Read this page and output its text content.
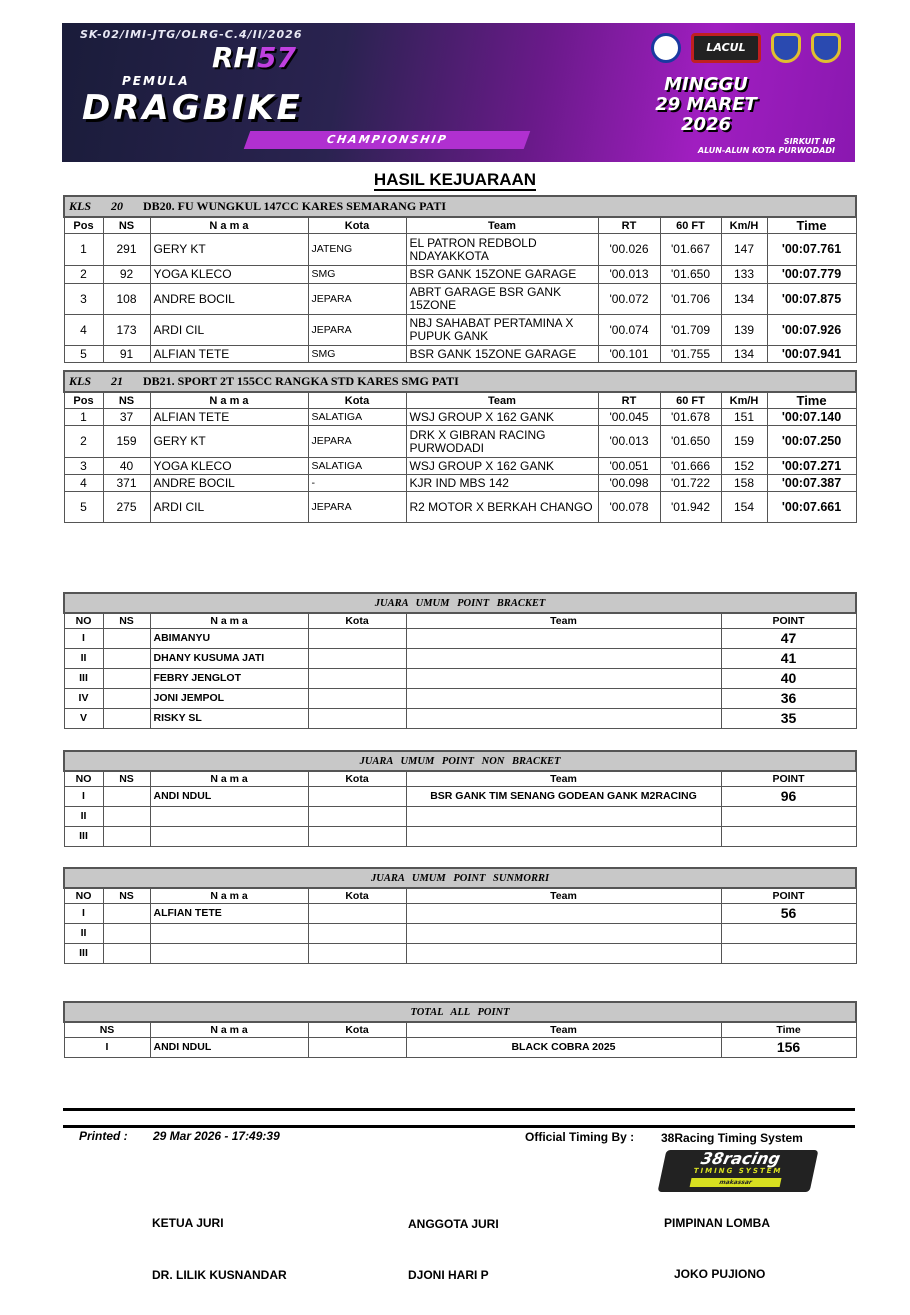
SK-02/IMI-JTG/OLRG-C.4/II/2026
RH57
PEMULA
DRAGBIKE
CHAMPIONSHIP
LACUL
MINGGU
29 MARET
2026
SIRKUIT NP
ALUN-ALUN KOTA PURWODADI
HASIL KEJUARAAN
KLS 20 DB20. FU WUNGKUL 147CC KARES SEMARANG PATI								
Pos	NS	N a m a	Kota	Team	RT	60 FT	Km/H	Time
1	291	GERY KT	JATENG	EL PATRON REDBOLD NDAYAKKOTA	'00.026	'01.667	147	'00:07.761
2	92	YOGA KLECO	SMG	BSR GANK 15ZONE GARAGE	'00.013	'01.650	133	'00:07.779
3	108	ANDRE BOCIL	JEPARA	ABRT GARAGE BSR GANK 15ZONE	'00.072	'01.706	134	'00:07.875
4	173	ARDI CIL	JEPARA	NBJ SAHABAT PERTAMINA X PUPUK GANK	'00.074	'01.709	139	'00:07.926
5	91	ALFIAN TETE	SMG	BSR GANK 15ZONE GARAGE	'00.101	'01.755	134	'00:07.941
KLS 21 DB21. SPORT 2T 155CC RANGKA STD KARES SMG PATI								
Pos	NS	N a m a	Kota	Team	RT	60 FT	Km/H	Time
1	37	ALFIAN TETE	SALATIGA	WSJ GROUP X 162 GANK	'00.045	'01.678	151	'00:07.140
2	159	GERY KT	JEPARA	DRK X GIBRAN RACING PURWODADI	'00.013	'01.650	159	'00:07.250
3	40	YOGA KLECO	SALATIGA	WSJ GROUP X 162 GANK	'00.051	'01.666	152	'00:07.271
4	371	ANDRE BOCIL	-	KJR IND MBS 142	'00.098	'01.722	158	'00:07.387
5	275	ARDI CIL	JEPARA	R2 MOTOR X BERKAH CHANGO	'00.078	'01.942	154	'00:07.661
JUARA UMUM POINT BRACKET					
NO	NS	N a m a	Kota	Team	POINT
I		ABIMANYU			47
II		DHANY KUSUMA JATI			41
III		FEBRY JENGLOT			40
IV		JONI JEMPOL			36
V		RISKY SL			35
JUARA UMUM POINT NON BRACKET					
NO	NS	N a m a	Kota	Team	POINT
I		ANDI NDUL		BSR GANK TIM SENANG GODEAN GANK M2RACING	96
II					
III					
JUARA UMUM POINT SUNMORRI					
NO	NS	N a m a	Kota	Team	POINT
I		ALFIAN TETE			56
II					
III					
TOTAL ALL POINT				
NS	N a m a	Kota	Team	Time
I	ANDI NDUL		BLACK COBRA 2025	156
Printed : 29 Mar 2026 - 17:49:39	Official Timing By : 38Racing Timing System
38racing
TIMING SYSTEM
makassar
KETUA JURI	ANGGOTA JURI	PIMPINAN LOMBA
DR. LILIK KUSNANDAR	DJONI HARI P	JOKO PUJIONO
